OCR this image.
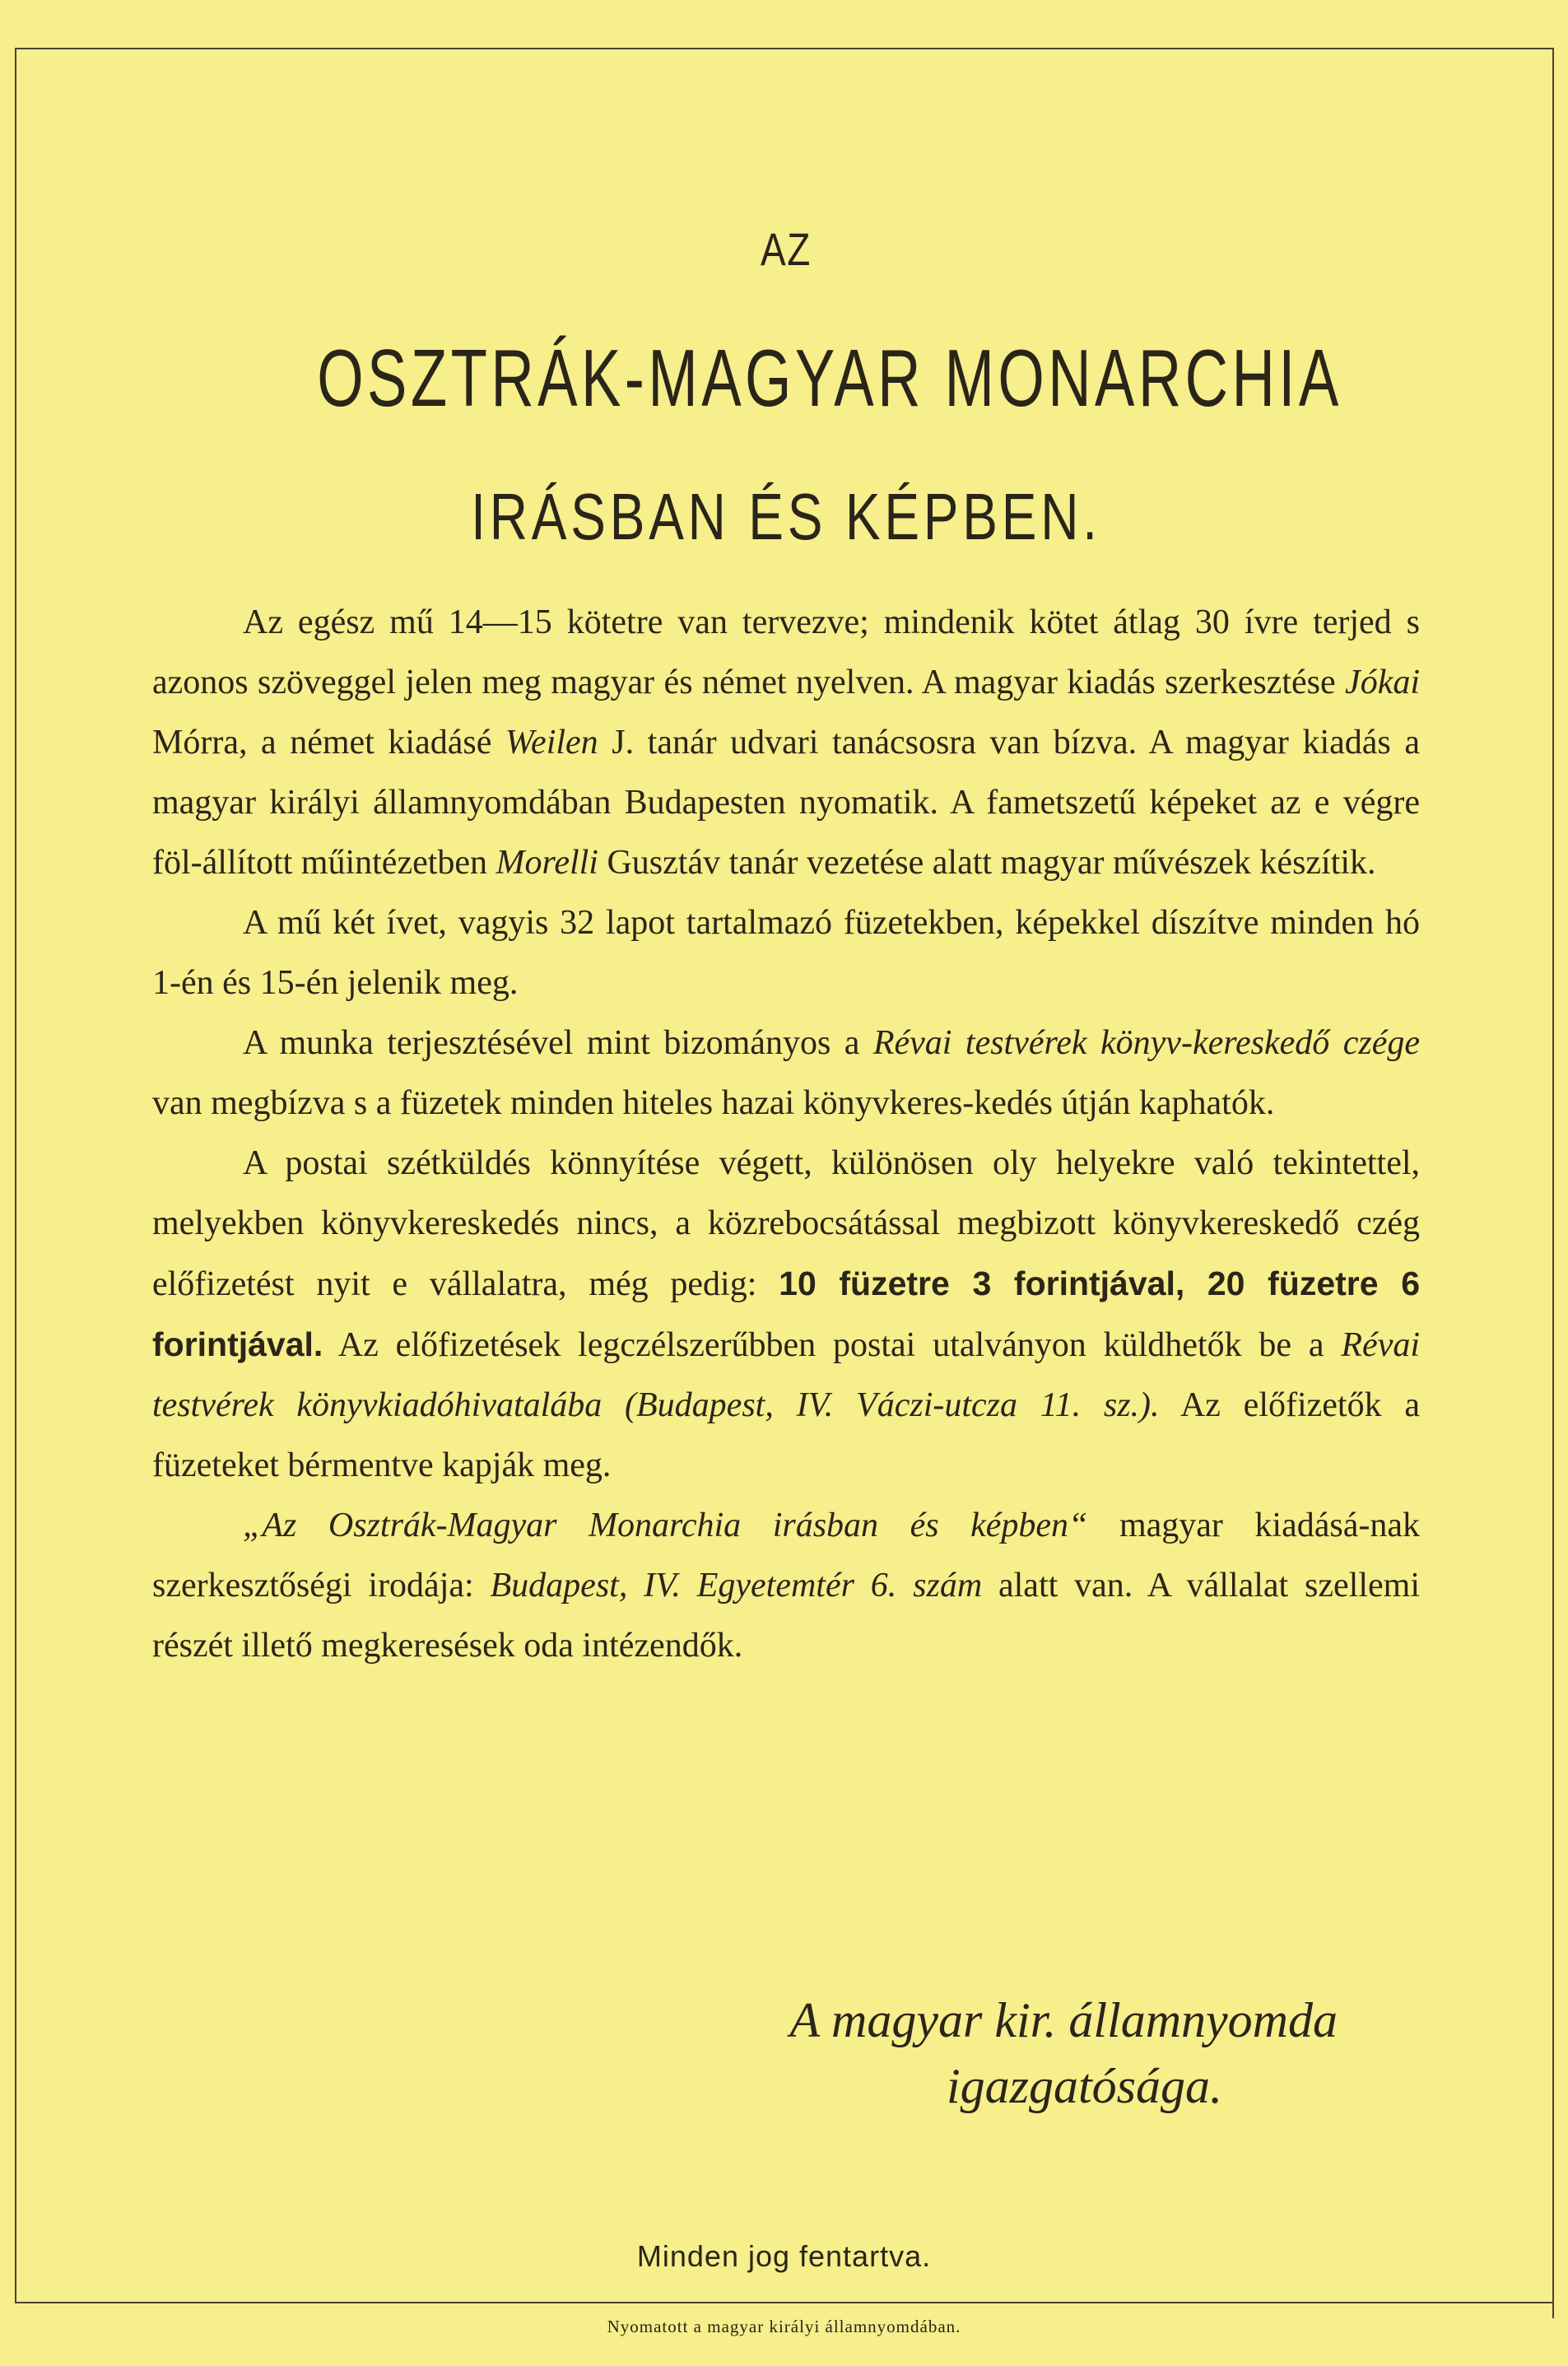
AZ
OSZTRÁK-MAGYAR MONARCHIA
IRÁSBAN ÉS KÉPBEN.

Az egész mű 14—15 kötetre van tervezve; mindenik kötet átlag 30 ívre terjed s azonos szöveggel jelen meg magyar és német nyelven. A magyar kiadás szerkesztése Jókai Mórra, a német kiadásé Weilen J. tanár udvari tanácsosra van bízva. A magyar kiadás a magyar királyi államnyomdában Budapesten nyomatik. A fametszetű képeket az e végre föl-állított műintézetben Morelli Gusztáv tanár vezetése alatt magyar művészek készítik.

A mű két ívet, vagyis 32 lapot tartalmazó füzetekben, képekkel díszítve minden hó 1-én és 15-én jelenik meg.

A munka terjesztésével mint bizományos a Révai testvérek könyv-kereskedő czége van megbízva s a füzetek minden hiteles hazai könyvkeres-kedés útján kaphatók.

A postai szétküldés könnyítése végett, különösen oly helyekre való tekintettel, melyekben könyvkereskedés nincs, a közrebocsátással megbizott könyvkereskedő czég előfizetést nyit e vállalatra, még pedig: 10 füzetre 3 forintjával, 20 füzetre 6 forintjával. Az előfizetések legczélszerűbben postai utalványon küldhetők be a Révai testvérek könyvkiadóhivatalába (Budapest, IV. Váczi-utcza 11. sz.). Az előfizetők a füzeteket bérmentve kapják meg.

„Az Osztrák-Magyar Monarchia irásban és képben“ magyar kiadásá-nak szerkesztőségi irodája: Budapest, IV. Egyetemtér 6. szám alatt van. A vállalat szellemi részét illető megkeresések oda intézendők.

A magyar kir. államnyomda
igazgatósága.
Minden jog fentartva.
Nyomatott a magyar királyi államnyomdában.
